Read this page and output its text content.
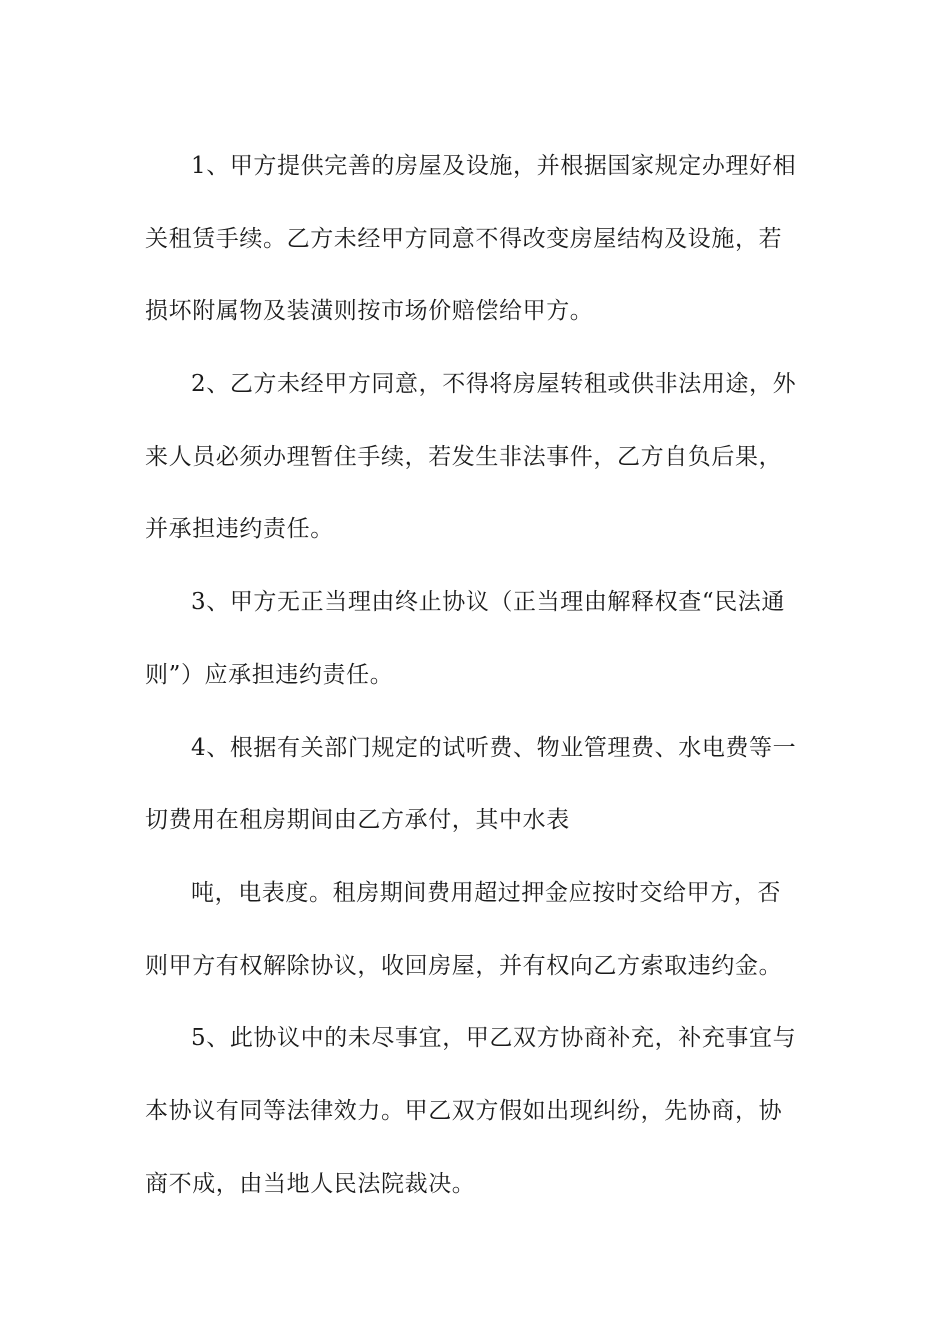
1、甲方提供完善的房屋及设施，并根据国家规定办理好相
关租赁手续。乙方未经甲方同意不得改变房屋结构及设施，若
损坏附属物及装潢则按市场价赔偿给甲方。
2、乙方未经甲方同意，不得将房屋转租或供非法用途，外
来人员必须办理暂住手续，若发生非法事件，乙方自负后果，
并承担违约责任。
3、甲方无正当理由终止协议（正当理由解释权查“民法通
则”）应承担违约责任。
4、根据有关部门规定的试听费、物业管理费、水电费等一
切费用在租房期间由乙方承付，其中水表
吨，电表度。租房期间费用超过押金应按时交给甲方，否
则甲方有权解除协议，收回房屋，并有权向乙方索取违约金。
5、此协议中的未尽事宜，甲乙双方协商补充，补充事宜与
本协议有同等法律效力。甲乙双方假如出现纠纷，先协商，协
商不成，由当地人民法院裁决。
